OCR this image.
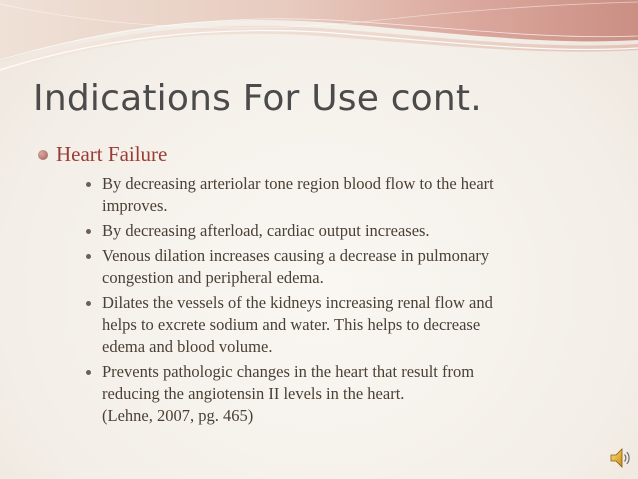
Indications For Use cont.
Heart Failure
By decreasing arteriolar tone region blood flow to the heart
improves.
By decreasing afterload, cardiac output increases.
Venous dilation increases causing a decrease in pulmonary
congestion and peripheral edema.
Dilates the vessels of the kidneys increasing renal flow and
helps to excrete sodium and water. This helps to decrease
edema and blood volume.
Prevents pathologic changes in the heart that result from
reducing the angiotensin II levels in the heart.
(Lehne, 2007, pg. 465)
